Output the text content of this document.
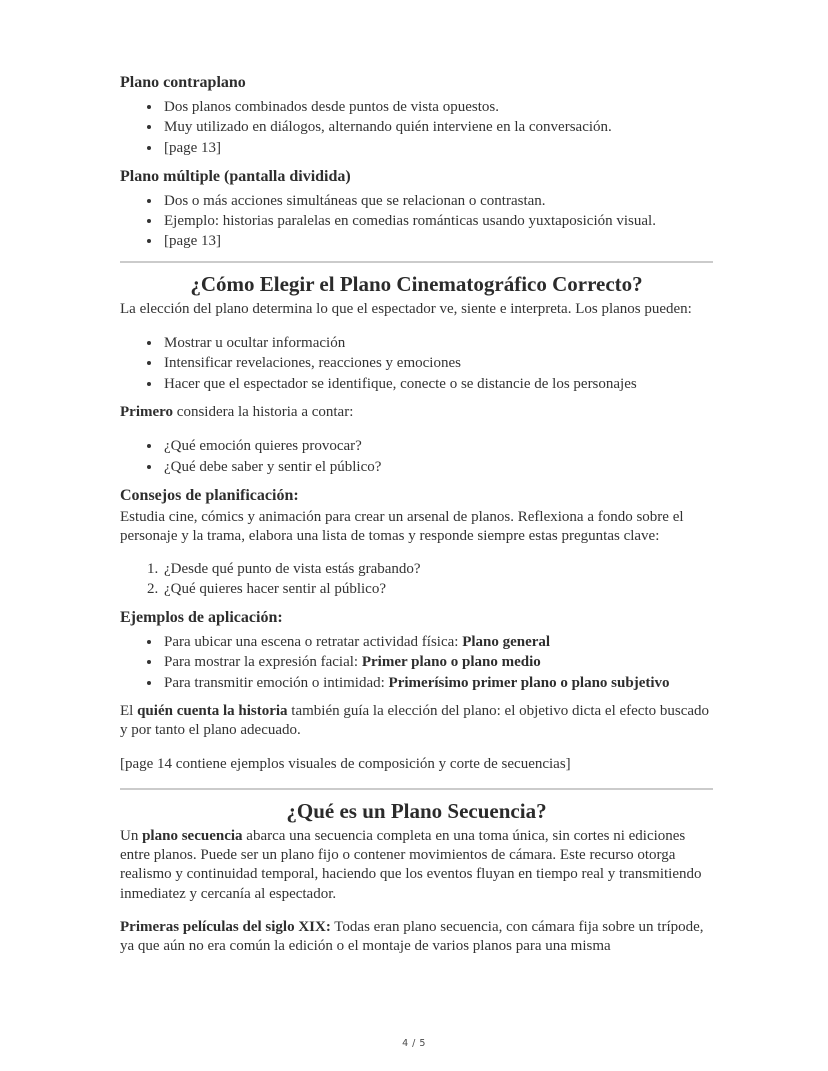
Plano contraplano
• Dos planos combinados desde puntos de vista opuestos.
• Muy utilizado en diálogos, alternando quién interviene en la conversación.
• [page 13]
Plano múltiple (pantalla dividida)
• Dos o más acciones simultáneas que se relacionan o contrastan.
• Ejemplo: historias paralelas en comedias románticas usando yuxtaposición visual.
• [page 13]
¿Cómo Elegir el Plano Cinematográfico Correcto?

La elección del plano determina lo que el espectador ve, siente e interpreta. Los planos pueden:

• Mostrar u ocultar información
• Intensificar revelaciones, reacciones y emociones
• Hacer que el espectador se identifique, conecte o se distancie de los personajes

Primero considera la historia a contar:

• ¿Qué emoción quieres provocar?
• ¿Qué debe saber y sentir el público?
Consejos de planificación:

Estudia cine, cómics y animación para crear un arsenal de planos. Reflexiona a fondo sobre el personaje y la trama, elabora una lista de tomas y responde siempre estas preguntas clave:

1. ¿Desde qué punto de vista estás grabando?
2. ¿Qué quieres hacer sentir al público?
Ejemplos de aplicación:
• Para ubicar una escena o retratar actividad física: Plano general
• Para mostrar la expresión facial: Primer plano o plano medio
• Para transmitir emoción o intimidad: Primerísimo primer plano o plano subjetivo

El quién cuenta la historia también guía la elección del plano: el objetivo dicta el efecto buscado y por tanto el plano adecuado.

[page 14 contiene ejemplos visuales de composición y corte de secuencias]

¿Qué es un Plano Secuencia?

Un plano secuencia abarca una secuencia completa en una toma única, sin cortes ni ediciones entre planos. Puede ser un plano fijo o contener movimientos de cámara. Este recurso otorga realismo y continuidad temporal, haciendo que los eventos fluyan en tiempo real y transmitiendo inmediatez y cercanía al espectador.

Primeras películas del siglo XIX: Todas eran plano secuencia, con cámara fija sobre un trípode, ya que aún no era común la edición o el montaje de varios planos para una misma

4 / 5
